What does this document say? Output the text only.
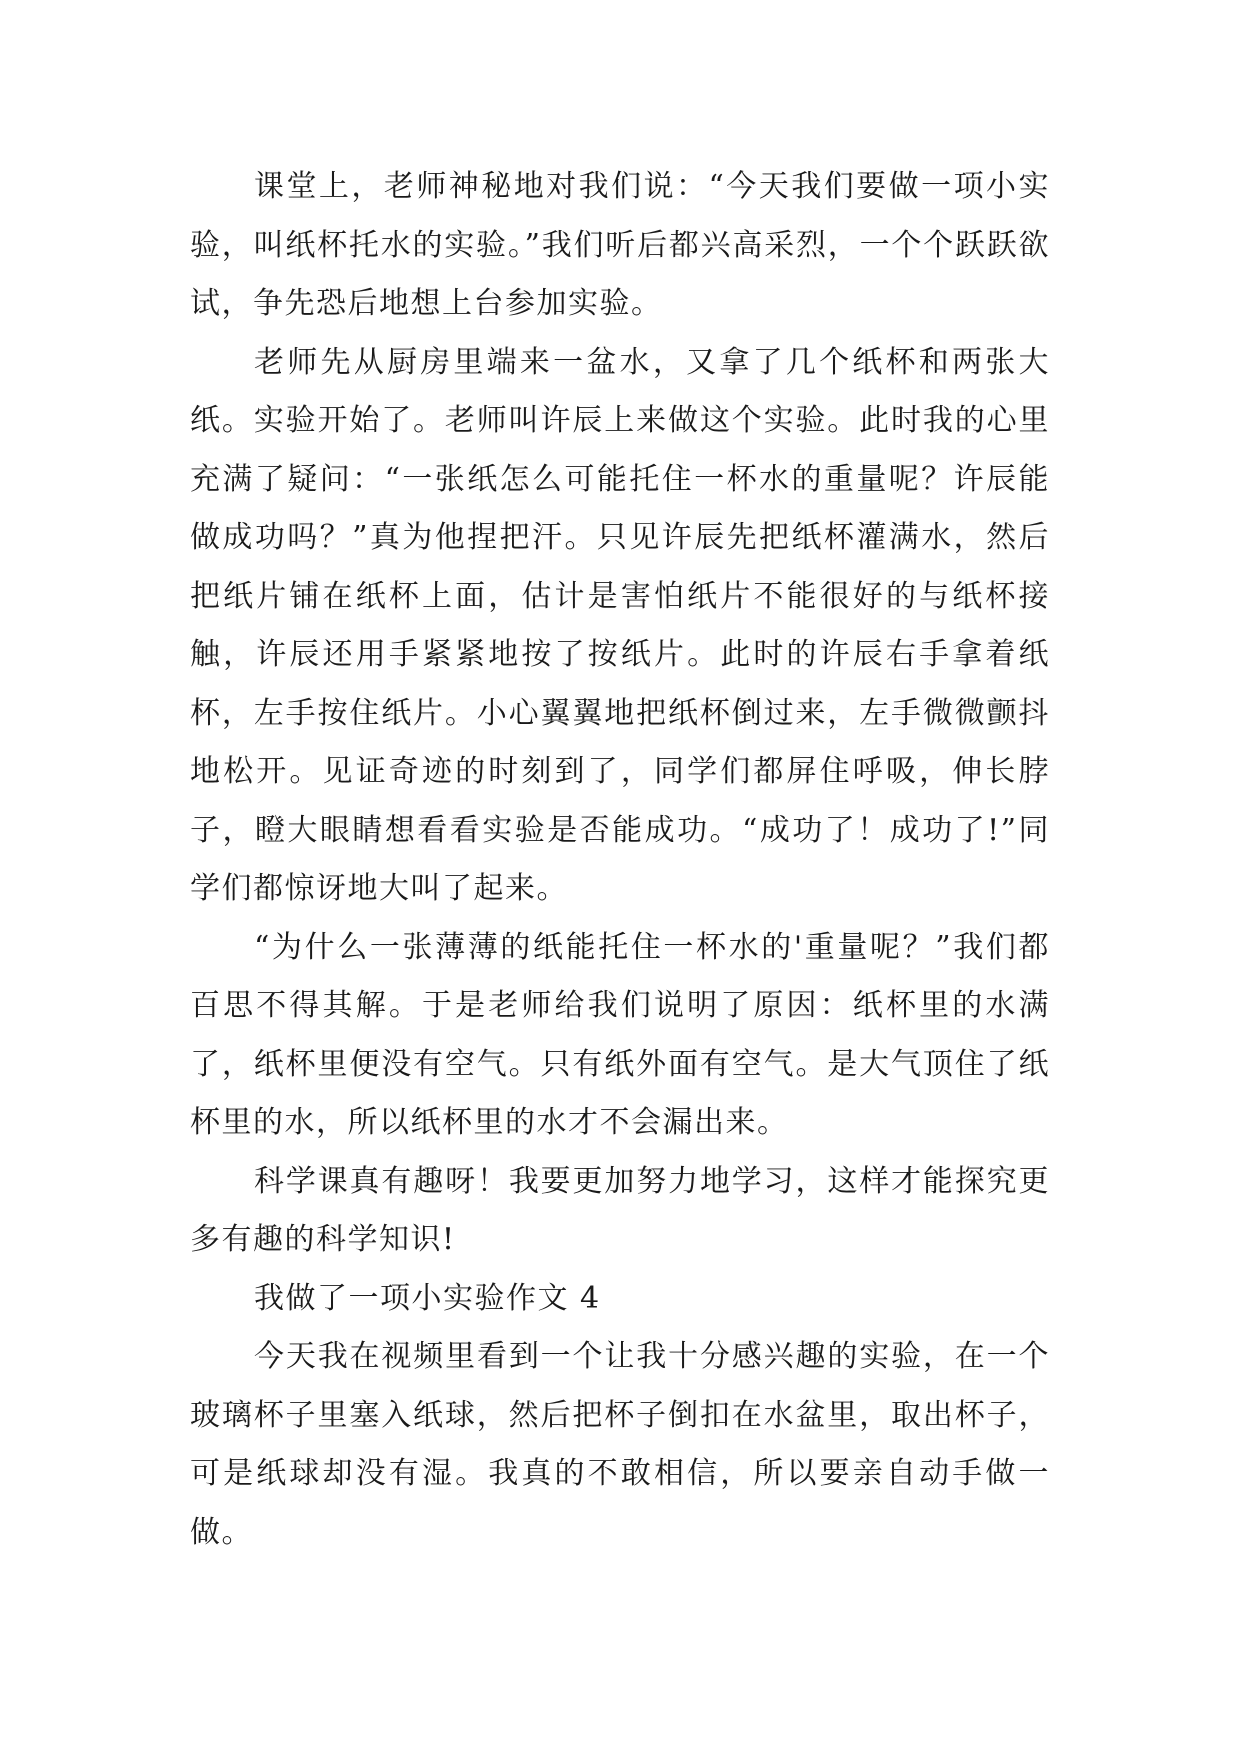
课堂上，老师神秘地对我们说：“今天我们要做一项小实验，叫纸杯托水的实验。”我们听后都兴高采烈，一个个跃跃欲试，争先恐后地想上台参加实验。

老师先从厨房里端来一盆水，又拿了几个纸杯和两张大纸。实验开始了。老师叫许辰上来做这个实验。此时我的心里充满了疑问：“一张纸怎么可能托住一杯水的重量呢？许辰能做成功吗？”真为他捏把汗。只见许辰先把纸杯灌满水，然后把纸片铺在纸杯上面，估计是害怕纸片不能很好的与纸杯接触，许辰还用手紧紧地按了按纸片。此时的许辰右手拿着纸杯，左手按住纸片。小心翼翼地把纸杯倒过来，左手微微颤抖地松开。见证奇迹的时刻到了，同学们都屏住呼吸，伸长脖子，瞪大眼睛想看看实验是否能成功。“成功了！成功了!”同学们都惊讶地大叫了起来。

“为什么一张薄薄的纸能托住一杯水的'重量呢？”我们都百思不得其解。于是老师给我们说明了原因：纸杯里的水满了，纸杯里便没有空气。只有纸外面有空气。是大气顶住了纸杯里的水，所以纸杯里的水才不会漏出来。

科学课真有趣呀！我要更加努力地学习，这样才能探究更多有趣的科学知识!

我做了一项小实验作文 4

今天我在视频里看到一个让我十分感兴趣的实验，在一个玻璃杯子里塞入纸球，然后把杯子倒扣在水盆里，取出杯子，可是纸球却没有湿。我真的不敢相信，所以要亲自动手做一做。
